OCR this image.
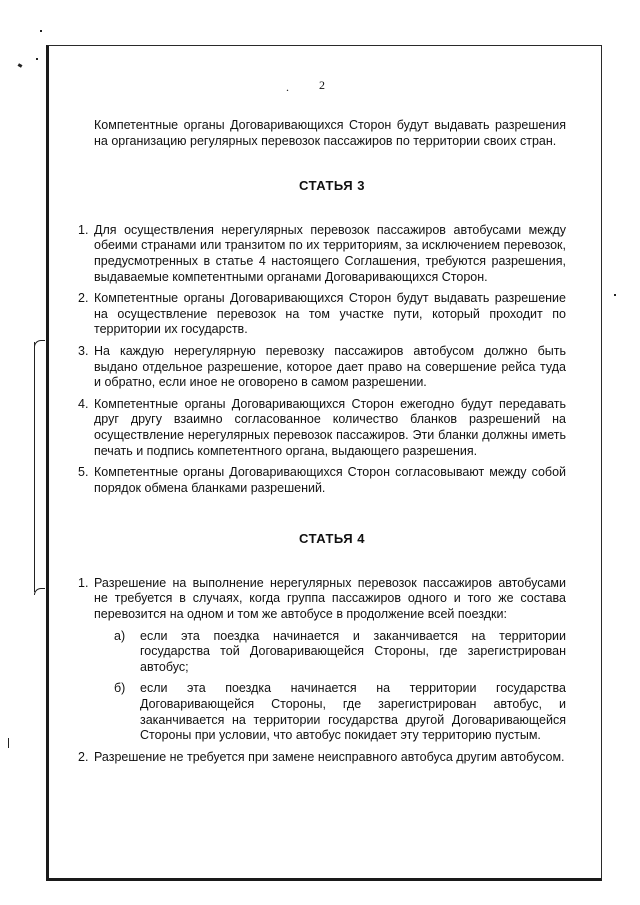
.	2

Компетентные органы Договаривающихся Сторон будут выдавать разрешения на организацию регулярных перевозок пассажиров по территории своих стран.

СТАТЬЯ 3
1. Для осуществления нерегулярных перевозок пассажиров автобусами между обеими странами или транзитом по их территориям, за исключением перевозок, предусмотренных в статье 4 настоящего Соглашения, требуются разрешения, выдаваемые компетентными органами Договаривающихся Сторон.

2. Компетентные органы Договаривающихся Сторон будут выдавать разрешение на осуществление перевозок на том участке пути, который проходит по территории их государств.

3. На каждую нерегулярную перевозку пассажиров автобусом должно быть выдано отдельное разрешение, которое дает право на совершение рейса туда и обратно, если иное не оговорено в самом разрешении.

4. Компетентные органы Договаривающихся Сторон ежегодно будут передавать друг другу взаимно согласованное количество бланков разрешений на осуществление нерегулярных перевозок пассажиров. Эти бланки должны иметь печать и подпись компетентного органа, выдающего разрешения.

5. Компетентные органы Договаривающихся Сторон согласовывают между собой порядок обмена бланками разрешений.

СТАТЬЯ 4
1. Разрешение на выполнение нерегулярных перевозок пассажиров автобусами не требуется в случаях, когда группа пассажиров одного и того же состава перевозится на одном и том же автобусе в продолжение всей поездки:

а) если эта поездка начинается и заканчивается на территории государства той Договаривающейся Стороны, где зарегистрирован автобус;

б) если эта поездка начинается на территории государства Договаривающейся Стороны, где зарегистрирован автобус, и заканчивается на территории государства другой Договаривающейся Стороны при условии, что автобус покидает эту территорию пустым.

2. Разрешение не требуется при замене неисправного автобуса другим автобусом.
